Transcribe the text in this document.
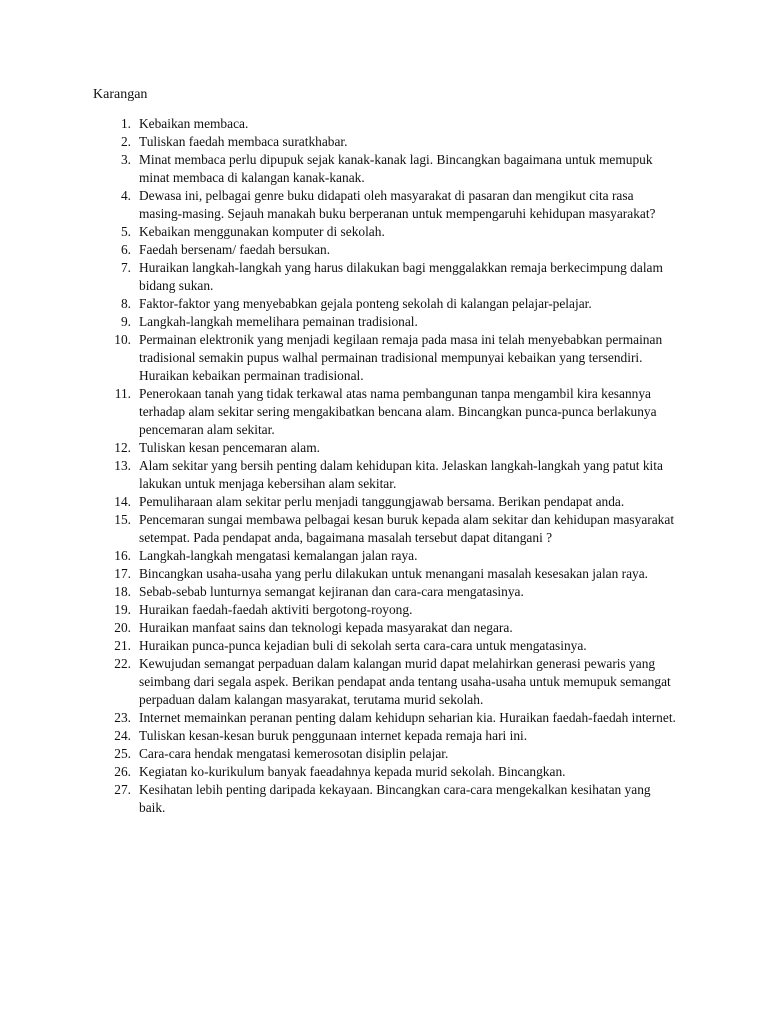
Karangan
1. Kebaikan membaca.
2. Tuliskan faedah membaca suratkhabar.
3. Minat membaca perlu dipupuk sejak kanak-kanak lagi. Bincangkan bagaimana untuk memupuk minat membaca di kalangan kanak-kanak.
4. Dewasa ini, pelbagai genre buku didapati oleh masyarakat di pasaran dan mengikut cita rasa masing-masing. Sejauh manakah buku berperanan untuk mempengaruhi kehidupan masyarakat?
5. Kebaikan menggunakan komputer di sekolah.
6. Faedah bersenam/ faedah bersukan.
7. Huraikan langkah-langkah yang harus dilakukan bagi menggalakkan remaja berkecimpung dalam bidang sukan.
8. Faktor-faktor yang menyebabkan gejala ponteng sekolah di kalangan pelajar-pelajar.
9. Langkah-langkah memelihara pemainan tradisional.
10. Permainan elektronik yang menjadi kegilaan remaja pada masa ini telah menyebabkan permainan tradisional semakin pupus walhal permainan tradisional mempunyai kebaikan yang tersendiri. Huraikan kebaikan permainan tradisional.
11. Penerokaan tanah yang tidak terkawal atas nama pembangunan tanpa mengambil kira kesannya terhadap alam sekitar sering mengakibatkan bencana alam. Bincangkan punca-punca berlakunya pencemaran alam sekitar.
12. Tuliskan kesan pencemaran alam.
13. Alam sekitar yang bersih penting dalam kehidupan kita. Jelaskan langkah-langkah yang patut kita lakukan untuk menjaga kebersihan alam sekitar.
14. Pemuliharaan alam sekitar perlu menjadi tanggungjawab bersama. Berikan pendapat anda.
15. Pencemaran sungai membawa pelbagai kesan buruk kepada alam sekitar dan kehidupan masyarakat setempat. Pada pendapat anda, bagaimana masalah tersebut dapat ditangani ?
16. Langkah-langkah mengatasi kemalangan jalan raya.
17. Bincangkan usaha-usaha yang perlu dilakukan untuk menangani masalah kesesakan jalan raya.
18. Sebab-sebab lunturnya semangat kejiranan dan cara-cara mengatasinya.
19. Huraikan faedah-faedah aktiviti bergotong-royong.
20. Huraikan manfaat sains dan teknologi kepada masyarakat dan negara.
21. Huraikan punca-punca kejadian buli di sekolah serta cara-cara untuk mengatasinya.
22. Kewujudan semangat perpaduan dalam kalangan murid dapat melahirkan generasi pewaris yang seimbang dari segala aspek. Berikan pendapat anda tentang usaha-usaha untuk memupuk semangat perpaduan dalam kalangan masyarakat, terutama murid sekolah.
23. Internet memainkan peranan penting dalam kehidupn seharian kia. Huraikan faedah-faedah internet.
24. Tuliskan kesan-kesan buruk penggunaan internet kepada remaja hari ini.
25. Cara-cara hendak mengatasi kemerosotan disiplin pelajar.
26. Kegiatan ko-kurikulum banyak faeadahnya kepada murid sekolah. Bincangkan.
27. Kesihatan lebih penting daripada kekayaan. Bincangkan cara-cara mengekalkan kesihatan yang baik.
